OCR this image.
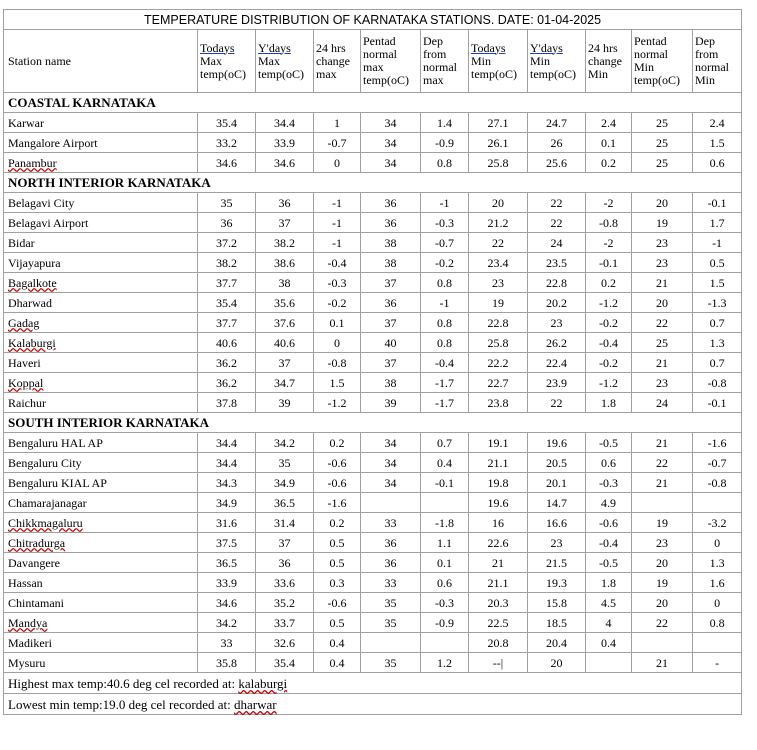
TEMPERATURE DISTRIBUTION OF KARNATAKA STATIONS. DATE: 01-04-2025										
Station name	Todays
Max
temp(oC)	Y'days
Max
temp(oC)	24 hrs
change
max	Pentad
normal
max
temp(oC)	Dep
from
normal
max	Todays
Min
temp(oC)	Y'days
Min
temp(oC)	24 hrs
change
Min	Pentad
normal
Min
temp(oC)	Dep
from
normal
Min
COASTAL KARNATAKA										
Karwar	35.4	34.4	1	34	1.4	27.1	24.7	2.4	25	2.4
Mangalore Airport	33.2	33.9	-0.7	34	-0.9	26.1	26	0.1	25	1.5
Panambur	34.6	34.6	0	34	0.8	25.8	25.6	0.2	25	0.6
NORTH INTERIOR KARNATAKA										
Belagavi City	35	36	-1	36	-1	20	22	-2	20	-0.1
Belagavi Airport	36	37	-1	36	-0.3	21.2	22	-0.8	19	1.7
Bidar	37.2	38.2	-1	38	-0.7	22	24	-2	23	-1
Vijayapura	38.2	38.6	-0.4	38	-0.2	23.4	23.5	-0.1	23	0.5
Bagalkote	37.7	38	-0.3	37	0.8	23	22.8	0.2	21	1.5
Dharwad	35.4	35.6	-0.2	36	-1	19	20.2	-1.2	20	-1.3
Gadag	37.7	37.6	0.1	37	0.8	22.8	23	-0.2	22	0.7
Kalaburgi	40.6	40.6	0	40	0.8	25.8	26.2	-0.4	25	1.3
Haveri	36.2	37	-0.8	37	-0.4	22.2	22.4	-0.2	21	0.7
Koppal	36.2	34.7	1.5	38	-1.7	22.7	23.9	-1.2	23	-0.8
Raichur	37.8	39	-1.2	39	-1.7	23.8	22	1.8	24	-0.1
SOUTH INTERIOR KARNATAKA										
Bengaluru HAL AP	34.4	34.2	0.2	34	0.7	19.1	19.6	-0.5	21	-1.6
Bengaluru City	34.4	35	-0.6	34	0.4	21.1	20.5	0.6	22	-0.7
Bengaluru KIAL AP	34.3	34.9	-0.6	34	-0.1	19.8	20.1	-0.3	21	-0.8
Chamarajanagar	34.9	36.5	-1.6			19.6	14.7	4.9		
Chikkmagaluru	31.6	31.4	0.2	33	-1.8	16	16.6	-0.6	19	-3.2
Chitradurga	37.5	37	0.5	36	1.1	22.6	23	-0.4	23	0
Davangere	36.5	36	0.5	36	0.1	21	21.5	-0.5	20	1.3
Hassan	33.9	33.6	0.3	33	0.6	21.1	19.3	1.8	19	1.6
Chintamani	34.6	35.2	-0.6	35	-0.3	20.3	15.8	4.5	20	0
Mandya	34.2	33.7	0.5	35	-0.9	22.5	18.5	4	22	0.8
Madikeri	33	32.6	0.4			20.8	20.4	0.4		
Mysuru	35.8	35.4	0.4	35	1.2	--|	20		21	-
Highest max temp:40.6 deg cel recorded at: kalaburgi
Lowest min temp:19.0 deg cel recorded at: dharwar
